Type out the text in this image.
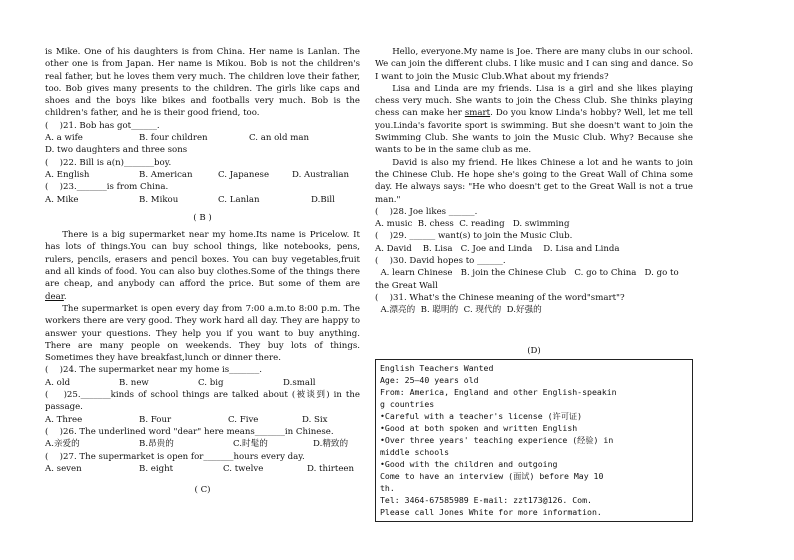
is Mike. One of his daughters is from China. Her name is Lanlan. The other one is from Japan. Her name is Mikou. Bob is not the children's real father, but he loves them very much. The children love their father, too. Bob gives many presents to the children. The girls like caps and shoes and the boys like bikes and footballs very much. Bob is the children's father, and he is their good friend, too.

(　 )21. Bob has got______.
A. a wife	B. four children	C. an old man
D. two daughters and three sons
(　 )22. Bill is a(n)_______boy.
A. English	B. American	C. Japanese	D. Australian
(　 )23._______is from China.
A. Mike	B. Mikou	C. Lanlan	D.Bill
( B )

There is a big supermarket near my home.Its name is Pricelow. It has lots of things.You can buy school things, like notebooks, pens, rulers, pencils, erasers and pencil boxes. You can buy vegetables,fruit and all kinds of food. You can also buy clothes.Some of the things there are cheap, and anybody can afford the price. But some of them are dear.

The supermarket is open every day from 7:00 a.m.to 8:00 p.m. The workers there are very good. They work hard all day. They are happy to answer your questions. They help you if you want to buy anything. There are many people on weekends. They buy lots of things. Sometimes they have breakfast,lunch or dinner there.

(　 )24. The supermarket near my home is_______.
A. old	B. new	C. big	D.small

(　 )25._______kinds of school things are talked about (被谈到) in the passage.

A. Three	B. Four	C. Five	D. Six
(　 )26. The underlined word "dear" here means_______in Chinese.
A.亲爱的	B.昂贵的	C.时髦的	D.精致的
(　 )27. The supermarket is open for_______hours every day.
A. seven	B. eight	C. twelve	D. thirteen
( C)

Hello, everyone.My name is Joe. There are many clubs in our school. We can join the different clubs. I like music and I can sing and dance. So I want to join the Music Club.What about my friends?

Lisa and Linda are my friends. Lisa is a girl and she likes playing chess very much. She wants to join the Chess Club. She thinks playing chess can make her smart. Do you know Linda's hobby? Well, let me tell you.Linda's favorite sport is swimming. But she doesn't want to join the Swimming Club. She wants to join the Music Club. Why? Because she wants to be in the same club as me.

David is also my friend. He likes Chinese a lot and he wants to join the Chinese Club. He hope she's going to the Great Wall of China some day. He always says: "He who doesn't get to the Great Wall is not a true man."

(　 )28. Joe likes ______.
A. music  B. chess  C. reading   D. swimming
(　 )29. ______ want(s) to join the Music Club.
A. David    B. Lisa   C. Joe and Linda    D. Lisa and Linda
(　 )30. David hopes to ______.
A. learn Chinese   B. join the Chinese Club   C. go to China   D. go to
the Great Wall
(　 )31. What's the Chinese meaning of the word"smart"?
A.漂亮的  B. 聪明的  C. 现代的  D.好强的
(D)
English Teachers Wanted
Age: 25—40 years old
From: America, England and other English-speakin
g countries
•Careful with a teacher's license (许可证)
•Good at both spoken and written English
•Over three years' teaching experience (经验) in
middle schools
•Good with the children and outgoing
Come to have an interview (面试) before May 10
th.
Tel: 3464-67585989 E-mail: zzt173@126. Com.
Please call Jones White for more information.
